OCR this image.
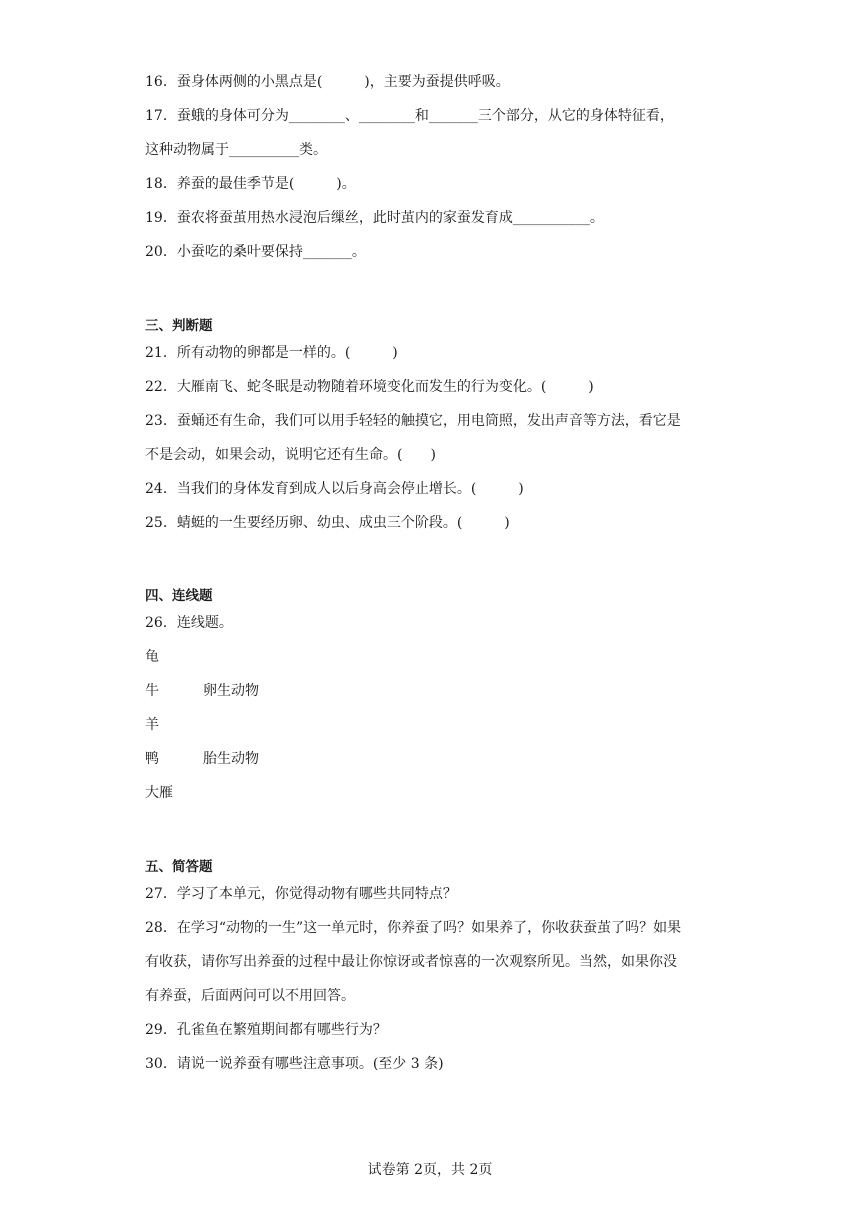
16．蚕身体两侧的小黑点是(　　　)，主要为蚕提供呼吸。

17．蚕蛾的身体可分为________、________和_______三个部分，从它的身体特征看，

这种动物属于__________类。

18．养蚕的最佳季节是(　　　)。

19．蚕农将蚕茧用热水浸泡后缫丝，此时茧内的家蚕发育成___________。

20．小蚕吃的桑叶要保持_______。

三、判断题

21．所有动物的卵都是一样的。(　　　)

22．大雁南飞、蛇冬眠是动物随着环境变化而发生的行为变化。(　　　)

23．蚕蛹还有生命，我们可以用手轻轻的触摸它，用电筒照，发出声音等方法，看它是

不是会动，如果会动，说明它还有生命。(　　)

24．当我们的身体发育到成人以后身高会停止增长。(　　　)

25．蜻蜓的一生要经历卵、幼虫、成虫三个阶段。(　　　)

四、连线题

26．连线题。

龟

牛	卵生动物

羊

鸭	胎生动物

大雁

五、简答题

27．学习了本单元，你觉得动物有哪些共同特点？

28．在学习“动物的一生”这一单元时，你养蚕了吗？如果养了，你收获蚕茧了吗？如果

有收获，请你写出养蚕的过程中最让你惊讶或者惊喜的一次观察所见。当然，如果你没

有养蚕，后面两问可以不用回答。

29．孔雀鱼在繁殖期间都有哪些行为？

30．请说一说养蚕有哪些注意事项。(至少 3 条)

试卷第 2页，共 2页
